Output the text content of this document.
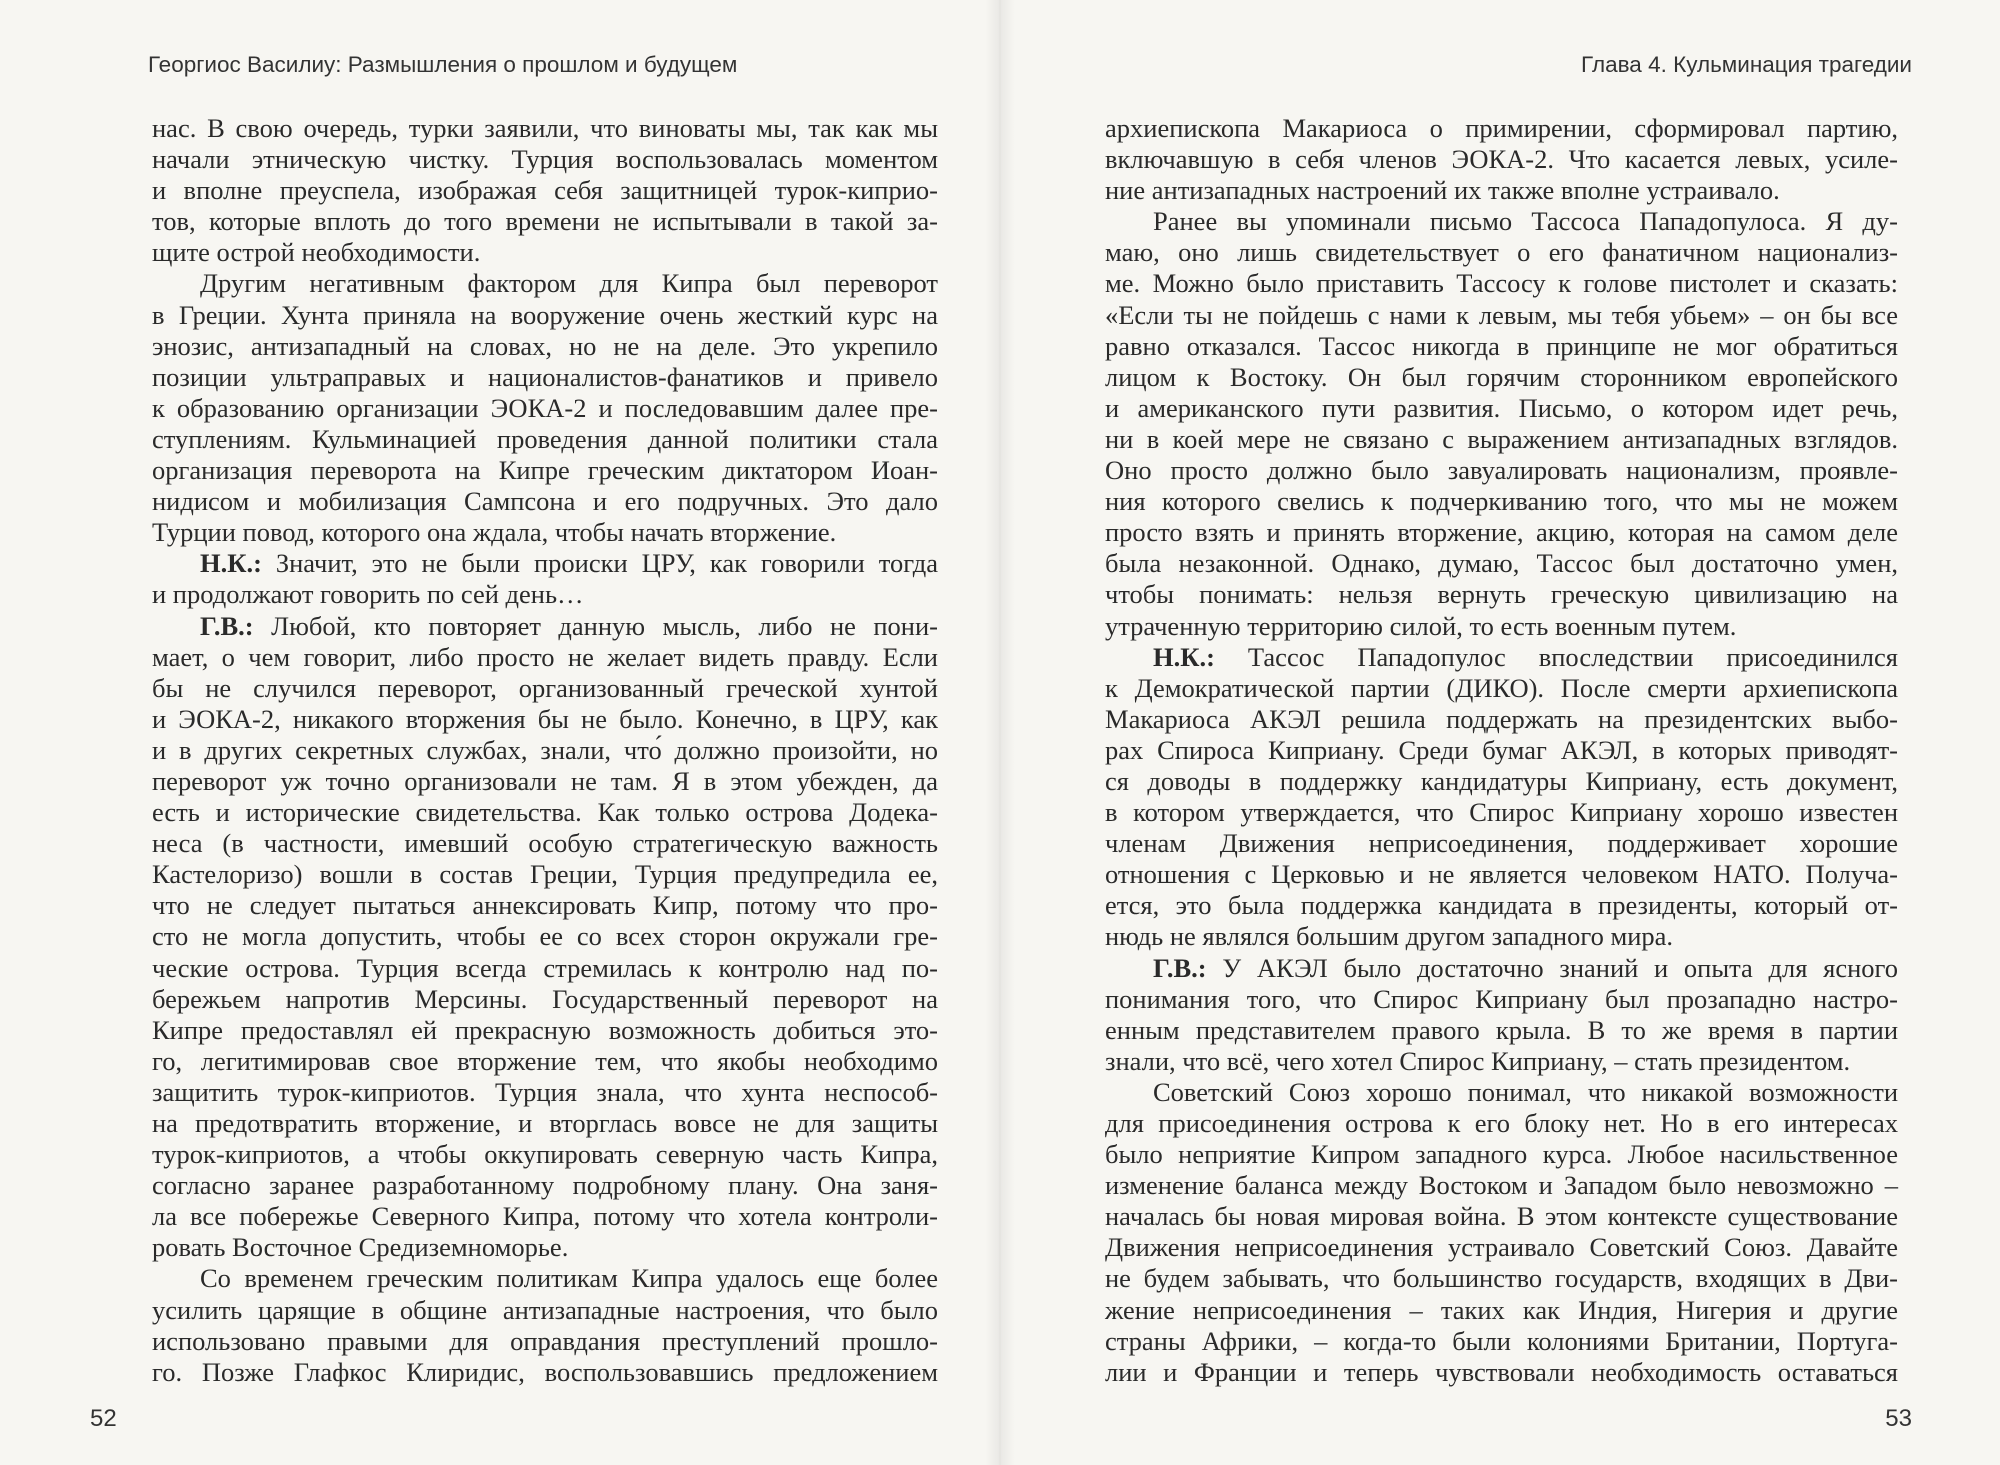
Георгиос Василиу: Размышления о прошлом и будущем
нас. В свою очередь, турки заявили, что виноваты мы, так как мы
начали этническую чистку. Турция воспользовалась моментом
и вполне преуспела, изображая себя защитницей турок-киприо-
тов, которые вплоть до того времени не испытывали в такой за-
щите острой необходимости.
Другим негативным фактором для Кипра был переворот
в Греции. Хунта приняла на вооружение очень жесткий курс на
энозис, антизападный на словах, но не на деле. Это укрепило
позиции ультраправых и националистов-фанатиков и привело
к образованию организации ЭОКА-2 и последовавшим далее пре-
ступлениям. Кульминацией проведения данной политики стала
организация переворота на Кипре греческим диктатором Иоан-
нидисом и мобилизация Сампсона и его подручных. Это дало
Турции повод, которого она ждала, чтобы начать вторжение.
Н.К.: Значит, это не были происки ЦРУ, как говорили тогда
и продолжают говорить по сей день…
Г.В.: Любой, кто повторяет данную мысль, либо не пони-
мает, о чем говорит, либо просто не желает видеть правду. Если
бы не случился переворот, организованный греческой хунтой
и ЭОКА-2, никакого вторжения бы не было. Конечно, в ЦРУ, как
и в других секретных службах, знали, что́ должно произойти, но
переворот уж точно организовали не там. Я в этом убежден, да
есть и исторические свидетельства. Как только острова Додека-
неса (в частности, имевший особую стратегическую важность
Кастелоризо) вошли в состав Греции, Турция предупредила ее,
что не следует пытаться аннексировать Кипр, потому что про-
сто не могла допустить, чтобы ее со всех сторон окружали гре-
ческие острова. Турция всегда стремилась к контролю над по-
бережьем напротив Мерсины. Государственный переворот на
Кипре предоставлял ей прекрасную возможность добиться это-
го, легитимировав свое вторжение тем, что якобы необходимо
защитить турок-киприотов. Турция знала, что хунта неспособ-
на предотвратить вторжение, и вторглась вовсе не для защиты
турок-киприотов, а чтобы оккупировать северную часть Кипра,
согласно заранее разработанному подробному плану. Она заня-
ла все побережье Северного Кипра, потому что хотела контроли-
ровать Восточное Средиземноморье.
Со временем греческим политикам Кипра удалось еще более
усилить царящие в общине антизападные настроения, что было
использовано правыми для оправдания преступлений прошло-
го. Позже Глафкос Клиридис, воспользовавшись предложением
52
Глава 4. Кульминация трагедии
архиепископа Макариоса о примирении, сформировал партию,
включавшую в себя членов ЭОКА-2. Что касается левых, усиле-
ние антизападных настроений их также вполне устраивало.
Ранее вы упоминали письмо Тассоса Пападопулоса. Я ду-
маю, оно лишь свидетельствует о его фанатичном национализ-
ме. Можно было приставить Тассосу к голове пистолет и сказать:
«Если ты не пойдешь с нами к левым, мы тебя убьем» – он бы все
равно отказался. Тассос никогда в принципе не мог обратиться
лицом к Востоку. Он был горячим сторонником европейского
и американского пути развития. Письмо, о котором идет речь,
ни в коей мере не связано с выражением антизападных взглядов.
Оно просто должно было завуалировать национализм, проявле-
ния которого свелись к подчеркиванию того, что мы не можем
просто взять и принять вторжение, акцию, которая на самом деле
была незаконной. Однако, думаю, Тассос был достаточно умен,
чтобы понимать: нельзя вернуть греческую цивилизацию на
утраченную территорию силой, то есть военным путем.
Н.К.: Тассос Пападопулос впоследствии присоединился
к Демократической партии (ДИКО). После смерти архиепископа
Макариоса АКЭЛ решила поддержать на президентских выбо-
рах Спироса Киприану. Среди бумаг АКЭЛ, в которых приводят-
ся доводы в поддержку кандидатуры Киприану, есть документ,
в котором утверждается, что Спирос Киприану хорошо известен
членам Движения неприсоединения, поддерживает хорошие
отношения с Церковью и не является человеком НАТО. Получа-
ется, это была поддержка кандидата в президенты, который от-
нюдь не являлся большим другом западного мира.
Г.В.: У АКЭЛ было достаточно знаний и опыта для ясного
понимания того, что Спирос Киприану был прозападно настро-
енным представителем правого крыла. В то же время в партии
знали, что всё, чего хотел Спирос Киприану, – стать президентом.
Советский Союз хорошо понимал, что никакой возможности
для присоединения острова к его блоку нет. Но в его интересах
было неприятие Кипром западного курса. Любое насильственное
изменение баланса между Востоком и Западом было невозможно –
началась бы новая мировая война. В этом контексте существование
Движения неприсоединения устраивало Советский Союз. Давайте
не будем забывать, что большинство государств, входящих в Дви-
жение неприсоединения – таких как Индия, Нигерия и другие
страны Африки, – когда-то были колониями Британии, Португа-
лии и Франции и теперь чувствовали необходимость оставаться
53
